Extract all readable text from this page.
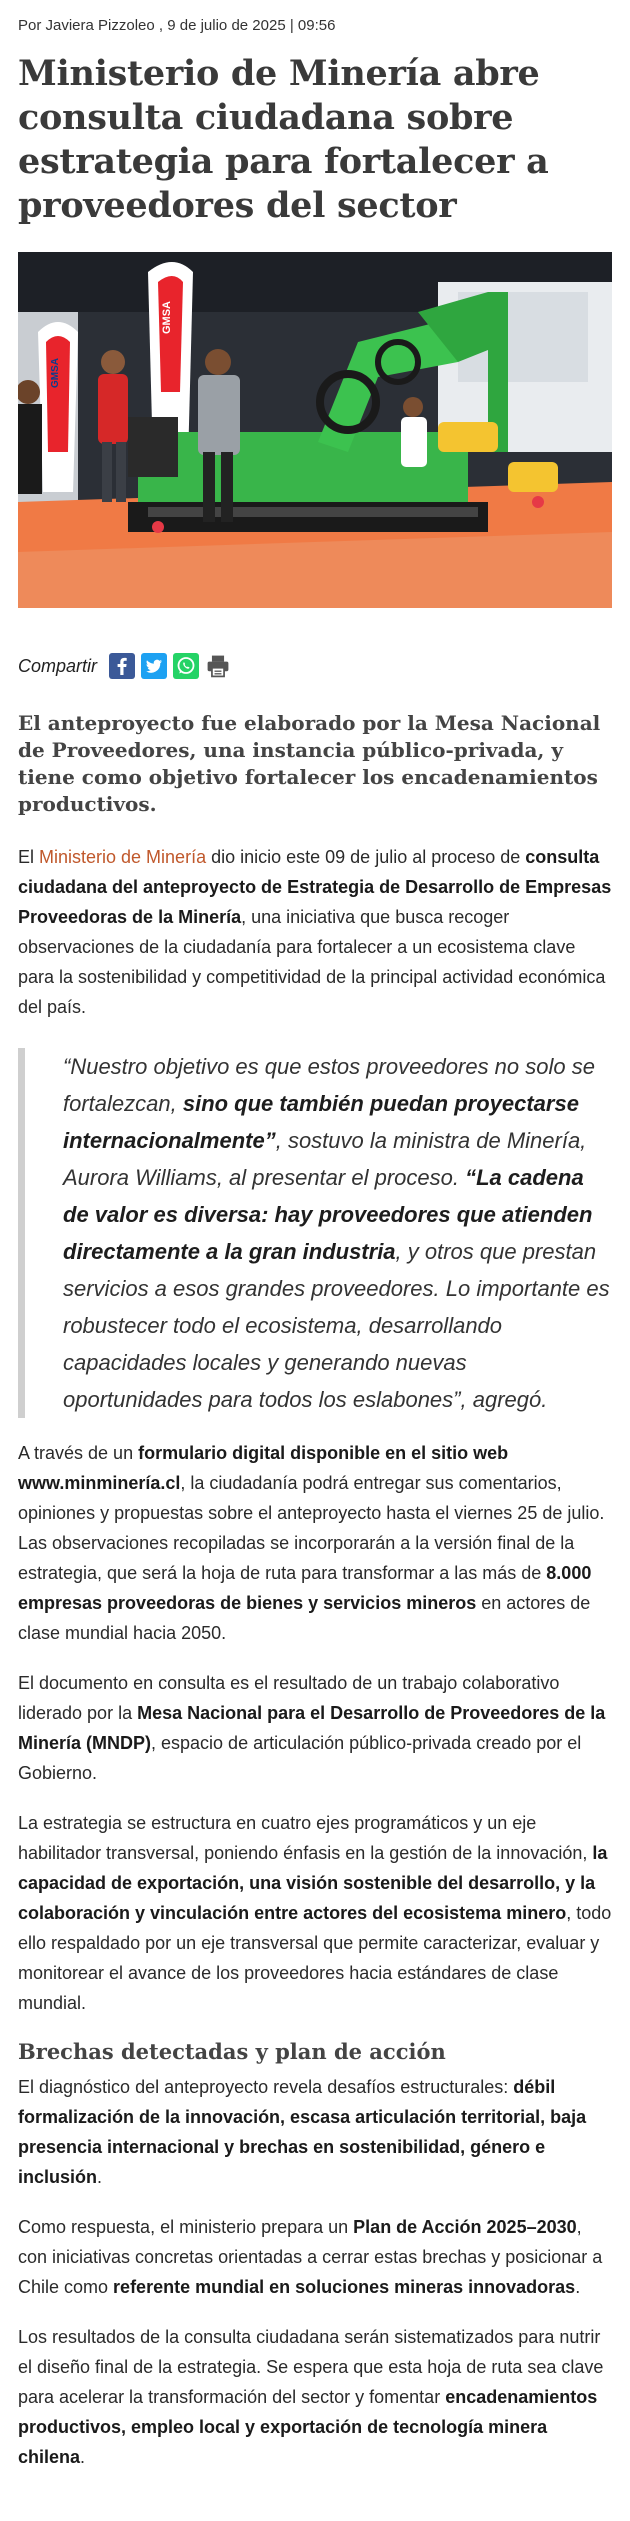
Por Javiera Pizzoleo , 9 de julio de 2025 | 09:56
Ministerio de Minería abre consulta ciudadana sobre estrategia para fortalecer a proveedores del sector
GMSA
GMSA
Compartir

El anteproyecto fue elaborado por la Mesa Nacional de Proveedores, una instancia público-privada, y tiene como objetivo fortalecer los encadenamientos productivos.

El Ministerio de Minería dio inicio este 09 de julio al proceso de consulta ciudadana del anteproyecto de Estrategia de Desarrollo de Empresas Proveedoras de la Minería, una iniciativa que busca recoger observaciones de la ciudadanía para fortalecer a un ecosistema clave para la sostenibilidad y competitividad de la principal actividad económica del país.

“Nuestro objetivo es que estos proveedores no solo se fortalezcan, sino que también puedan proyectarse internacionalmente”, sostuvo la ministra de Minería, Aurora Williams, al presentar el proceso. “La cadena de valor es diversa: hay proveedores que atienden directamente a la gran industria, y otros que prestan servicios a esos grandes proveedores. Lo importante es robustecer todo el ecosistema, desarrollando capacidades locales y generando nuevas oportunidades para todos los eslabones”, agregó.

A través de un formulario digital disponible en el sitio web www.minminería.cl, la ciudadanía podrá entregar sus comentarios, opiniones y propuestas sobre el anteproyecto hasta el viernes 25 de julio. Las observaciones recopiladas se incorporarán a la versión final de la estrategia, que será la hoja de ruta para transformar a las más de 8.000 empresas proveedoras de bienes y servicios mineros en actores de clase mundial hacia 2050.

El documento en consulta es el resultado de un trabajo colaborativo liderado por la Mesa Nacional para el Desarrollo de Proveedores de la Minería (MNDP), espacio de articulación público-privada creado por el Gobierno.

La estrategia se estructura en cuatro ejes programáticos y un eje habilitador transversal, poniendo énfasis en la gestión de la innovación, la capacidad de exportación, una visión sostenible del desarrollo, y la colaboración y vinculación entre actores del ecosistema minero, todo ello respaldado por un eje transversal que permite caracterizar, evaluar y monitorear el avance de los proveedores hacia estándares de clase mundial.

Brechas detectadas y plan de acción

El diagnóstico del anteproyecto revela desafíos estructurales: débil formalización de la innovación, escasa articulación territorial, baja presencia internacional y brechas en sostenibilidad, género e inclusión.

Como respuesta, el ministerio prepara un Plan de Acción 2025–2030, con iniciativas concretas orientadas a cerrar estas brechas y posicionar a Chile como referente mundial en soluciones mineras innovadoras.

Los resultados de la consulta ciudadana serán sistematizados para nutrir el diseño final de la estrategia. Se espera que esta hoja de ruta sea clave para acelerar la transformación del sector y fomentar encadenamientos productivos, empleo local y exportación de tecnología minera chilena.
